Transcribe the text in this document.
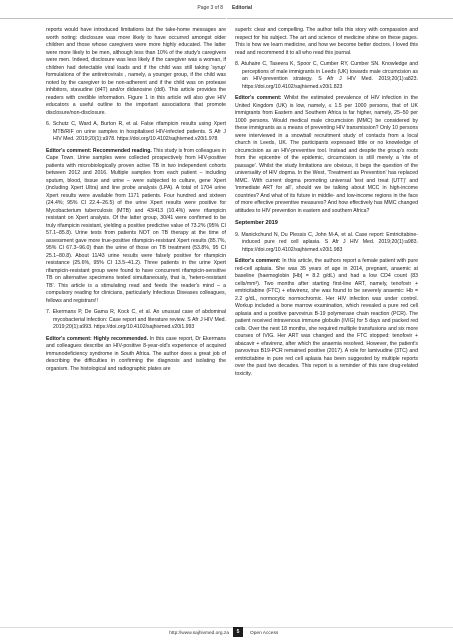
Page 3 of 8 Editorial

reports would have introduced limitations but the take-home messages are worth noting: disclosure was more likely to have occurred amongst older children and those whose caregivers were more highly educated. The latter were more likely to be men, although less than 10% of the study's caregivers were men. Indeed, disclosure was less likely if the caregiver was a woman, if children had detectable viral loads and if the child was still taking 'syrup' formulations of the antiretrovirals , namely, a younger group, if the child was noted by the caregiver to be non-adherent and if the child was on protease inhibitors, stavudine (d4T) and/or didanosine (ddI). This article provides the readers with credible information. Figure 1 in this article will also give HIV educators a useful outline to the important associations that promote disclosure/non-disclosure.

6. Schutz C, Ward A, Burton R, et al. False rifampicin results using Xpert MTB/RIF on urine samples in hospitalised HIV-infected patients. S Afr J HIV Med. 2019;20(1):a978. https://doi.org/10.4102/sajhivmed.v20i1.978

Editor's comment: Recommended reading. This study is from colleagues in Cape Town. Urine samples were collected prospectively from HIV-positive patients with microbiologically proven active TB in two independent cohorts between 2012 and 2016. Multiple samples from each patient – including sputum, blood, tissue and urine – were subjected to culture, gene Xpert (including Xpert Ultra) and line probe analysis (LPA). A total of 1704 urine Xpert results were available from 1171 patients. Four hundred and sixteen (24.4%; 95% CI 22.4–26.5) of the urine Xpert results were positive for Mycobacterium tuberculosis (MTB) and 43/413 (10.4%) were rifampicin resistant on Xpert analysis. Of the latter group, 30/41 were confirmed to be truly rifampicin resistant, yielding a positive predictive value of 73.2% (95% CI 57.1–85.8). Urine tests from patients NOT on TB therapy at the time of assessment gave more true-positive rifampicin-resistant Xpert results (85.7%, 95% CI 67.3–96.0) than the urine of those on TB treatment (53.8%, 95 CI 25.1–80.8). About 11/43 urine results were falsely positive for rifampicin resistance (25.6%, 95% CI 13.5–41.2). Three patients in the urine Xpert rifampicin-resistant group were found to have concurrent rifampicin-sensitive TB on alternative specimens tested simultaneously, that is, 'hetero-resistant TB'. This article is a stimulating read and feeds the reader's mind – a compulsory reading for clinicians, particularly Infectious Diseases colleagues, fellows and registrars!!

7. Ekermans P, De Gama R, Kock C, et al. An unusual case of abdominal mycobacterial infection: Case report and literature review. S Afr J HIV Med. 2019;20(1):a993. https://doi.org/10.4102/sajhivmed.v20i1.993

Editor's comment: Highly recommended. In this case report, Dr Ekermans and colleagues describe an HIV-positive 8-year-old's experience of acquired immunodeficiency syndrome in South Africa. The author does a great job of describing the difficulties in confirming the diagnosis and isolating the organism. The histological and radiographic plates are

superb: clear and compelling. The author tells this story with compassion and respect for his subject. The art and science of medicine shine on these pages. This is how we learn medicine, and how we become better doctors. I loved this read and recommend it to all who read this journal.

8. Atuhaire C, Taseera K, Spoor C, Cumber RY, Cumber SN. Knowledge and perceptions of male immigrants in Leeds (UK) towards male circumcision as an HIV-prevention strategy. S Afr J HIV Med. 2019;20(1):a823. https://doi.org/10.4102/sajhivmed.v20i1.823

Editor's comment: Whilst the estimated prevalence of HIV infection in the United Kingdom (UK) is low, namely, ≤ 1.5 per 1000 persons, that of UK immigrants from Eastern and Southern Africa is far higher, namely, 25–50 per 1000 persons. Would medical male circumcision (MMC) be considered by these immigrants as a means of preventing HIV transmission? Only 10 persons were interviewed in a snowball recruitment study of contacts from a local church in Leeds, UK. The participants expressed little or no knowledge of circumcision as an HIV-preventive tool. Instead and despite the group's roots from the epicentre of the epidemic, circumcision is still merely a 'rite of passage'. Whilst the study limitations are obvious, it begs the question of the universality of HIV dogma. In the West, 'Treatment as Prevention' has replaced MMC. With current dogma promoting universal 'test and treat (UTT)' and 'immediate ART for all', should we be talking about MCC in high-income countries? And what of its future in middle- and low-income regions in the face of more effective preventive measures? And how effectively has MMC changed attitudes to HIV prevention in eastern and southern Africa?

September 2019

9. Manickchund N, Du Plessis C, John M-A, et al. Case report: Emtricitabine-induced pure red cell aplasia. S Afr J HIV Med. 2019;20(1):a983. https://doi.org/10.4102/sajhivmed.v20i1.983

Editor's comment: In this article, the authors report a female patient with pure red-cell aplasia. She was 35 years of age in 2014, pregnant, anaemic at baseline (haemoglobin [Hb] = 8.2 g/dL) and had a low CD4 count (83 cells/mm³). Two months after starting first-line ART, namely, tenofovir + emtricitabine (FTC) + efavirenz, she was found to be severely anaemic: Hb = 2.2 g/dL, normocytic normochromic. Her HIV infection was under control. Workup included a bone marrow examination, which revealed a pure red cell aplasia and a positive parvovirus B-19 polymerase chain reaction (PCR). The patient received intravenous immune globulin (IVIG) for 5 days and packed red cells. Over the next 18 months, she required multiple transfusions and six more courses of IVIG. Her ART was changed and the FTC stopped: tenofovir + abacavir + efavirenz, after which the anaemia resolved. However, the patient's parvovirus B19-PCR remained positive (2017). A role for lamivudine (3TC) and emtricitabine in pure red cell aplasia has been suggested by multiple reports over the past two decades. This report is a reminder of this rare drug-related toxicity.

http://www.sajhivmed.org.za	5	Open Access
